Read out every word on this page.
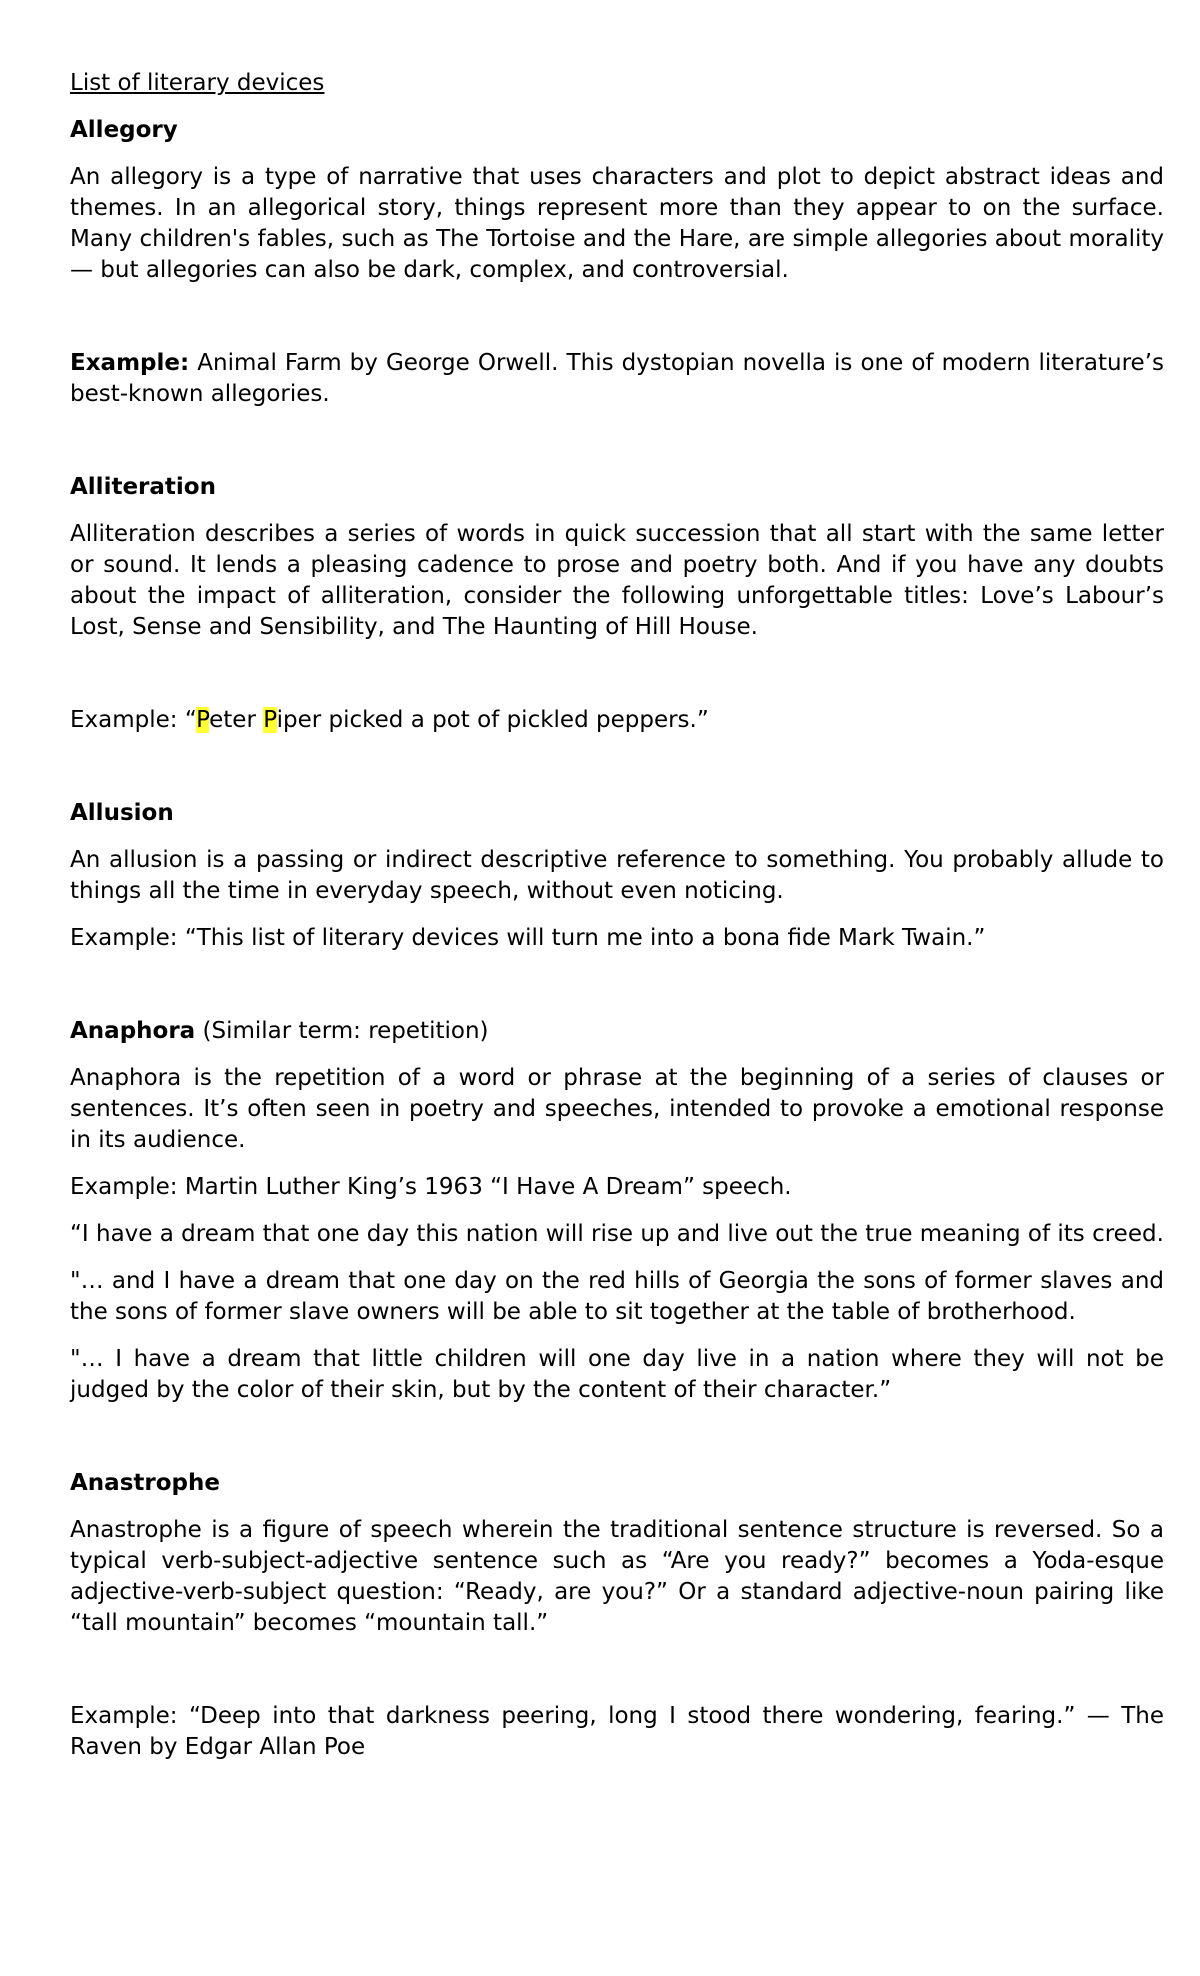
List of literary devices

Allegory

An allegory is a type of narrative that uses characters and plot to depict abstract ideas and themes. In an allegorical story, things represent more than they appear to on the surface. Many children's fables, such as The Tortoise and the Hare, are simple allegories about morality — but allegories can also be dark, complex, and controversial.

Example: Animal Farm by George Orwell. This dystopian novella is one of modern literature’s best-known allegories.

Alliteration

Alliteration describes a series of words in quick succession that all start with the same letter or sound. It lends a pleasing cadence to prose and poetry both. And if you have any doubts about the impact of alliteration, consider the following unforgettable titles: Love’s Labour’s Lost, Sense and Sensibility, and The Haunting of Hill House.

Example: “Peter Piper picked a pot of pickled peppers.”

Allusion

An allusion is a passing or indirect descriptive reference to something. You probably allude to things all the time in everyday speech, without even noticing.

Example: “This list of literary devices will turn me into a bona fide Mark Twain.”

Anaphora (Similar term: repetition)

Anaphora is the repetition of a word or phrase at the beginning of a series of clauses or sentences. It’s often seen in poetry and speeches, intended to provoke a emotional response in its audience.

Example: Martin Luther King’s 1963 “I Have A Dream” speech.

“I have a dream that one day this nation will rise up and live out the true meaning of its creed.

"… and I have a dream that one day on the red hills of Georgia the sons of former slaves and the sons of former slave owners will be able to sit together at the table of brotherhood.

"… I have a dream that little children will one day live in a nation where they will not be judged by the color of their skin, but by the content of their character.”

Anastrophe

Anastrophe is a figure of speech wherein the traditional sentence structure is reversed. So a typical verb-subject-adjective sentence such as “Are you ready?” becomes a Yoda-esque adjective-verb-subject question: “Ready, are you?” Or a standard adjective-noun pairing like “tall mountain” becomes “mountain tall.”

Example: “Deep into that darkness peering, long I stood there wondering, fearing.” — The Raven by Edgar Allan Poe
